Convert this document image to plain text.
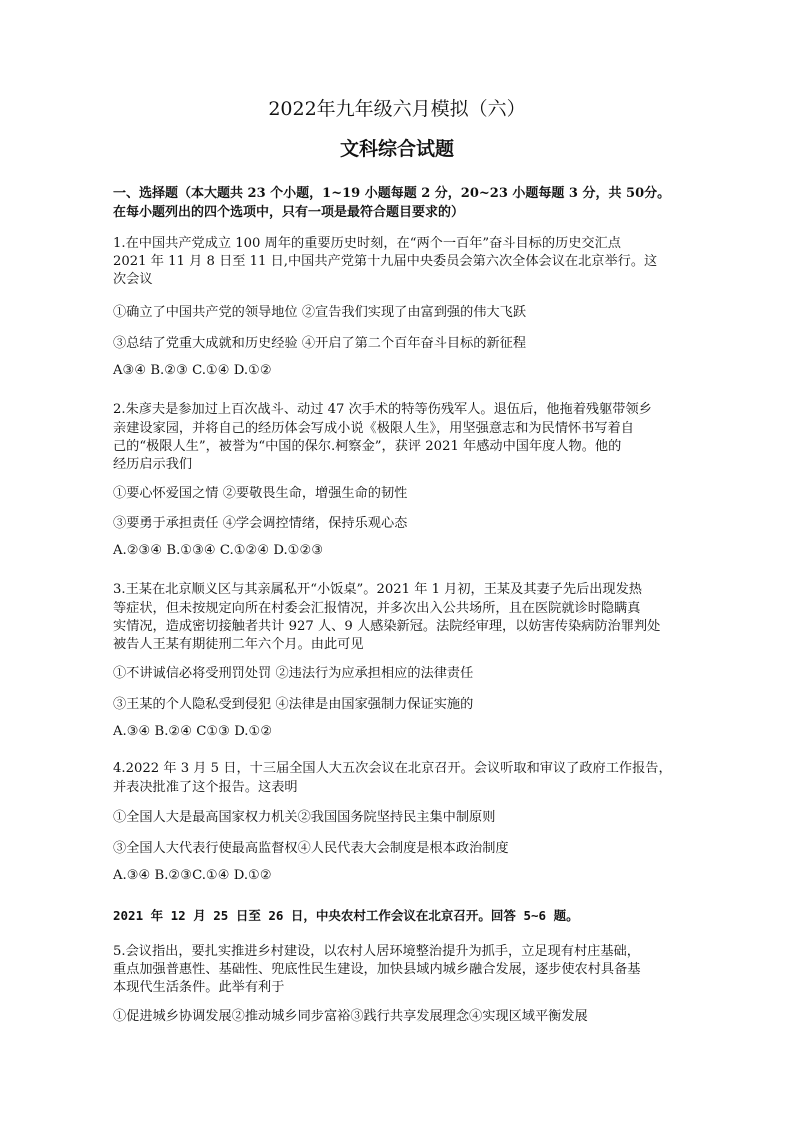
2022年九年级六月模拟（六）
文科综合试题
一、选择题（本大题共 23 个小题，1~19 小题每题 2 分，20~23 小题每题 3 分，共 50分。
在每小题列出的四个选项中，只有一项是最符合题目要求的）
1.在中国共产党成立 100 周年的重要历史时刻，在“两个一百年”奋斗目标的历史交汇点
2021 年 11 月 8 日至 11 日,中国共产党第十九届中央委员会第六次全体会议在北京举行。这
次会议
①确立了中国共产党的领导地位 ②宣告我们实现了由富到强的伟大飞跃
③总结了党重大成就和历史经验 ④开启了第二个百年奋斗目标的新征程
A③④ B.②③ C.①④ D.①②
2.朱彦夫是参加过上百次战斗、动过 47 次手术的特等伤残军人。退伍后，他拖着残躯带领乡
亲建设家园，并将自己的经历体会写成小说《极限人生》，用坚强意志和为民情怀书写着自
己的“极限人生”，被誉为“中国的保尔.柯察金”，获评 2021 年感动中国年度人物。他的
经历启示我们
①要心怀爱国之情 ②要敬畏生命，增强生命的韧性
③要勇于承担责任 ④学会调控情绪，保持乐观心态
A.②③④ B.①③④ C.①②④ D.①②③
3.王某在北京顺义区与其亲属私开“小饭桌”。2021 年 1 月初，王某及其妻子先后出现发热
等症状，但未按规定向所在村委会汇报情况，并多次出入公共场所，且在医院就诊时隐瞒真
实情况，造成密切接触者共计 927 人、9 人感染新冠。法院经审理，以妨害传染病防治罪判处
被告人王某有期徒刑二年六个月。由此可见
①不讲诚信必将受刑罚处罚 ②违法行为应承担相应的法律责任
③王某的个人隐私受到侵犯 ④法律是由国家强制力保证实施的
A.③④ B.②④ C①③ D.①②
4.2022 年 3 月 5 日，十三届全国人大五次会议在北京召开。会议听取和审议了政府工作报告，
并表决批准了这个报告。这表明
①全国人大是最高国家权力机关②我国国务院坚持民主集中制原则
③全国人大代表行使最高监督权④人民代表大会制度是根本政治制度
A.③④ B.②③C.①④ D.①②
2021 年 12 月 25 日至 26 日，中央农村工作会议在北京召开。回答 5~6 题。
5.会议指出，要扎实推进乡村建设，以农村人居环境整治提升为抓手，立足现有村庄基础，
重点加强普惠性、基础性、兜底性民生建设，加快县域内城乡融合发展，逐步使农村具备基
本现代生活条件。此举有利于
①促进城乡协调发展②推动城乡同步富裕③践行共享发展理念④实现区域平衡发展
